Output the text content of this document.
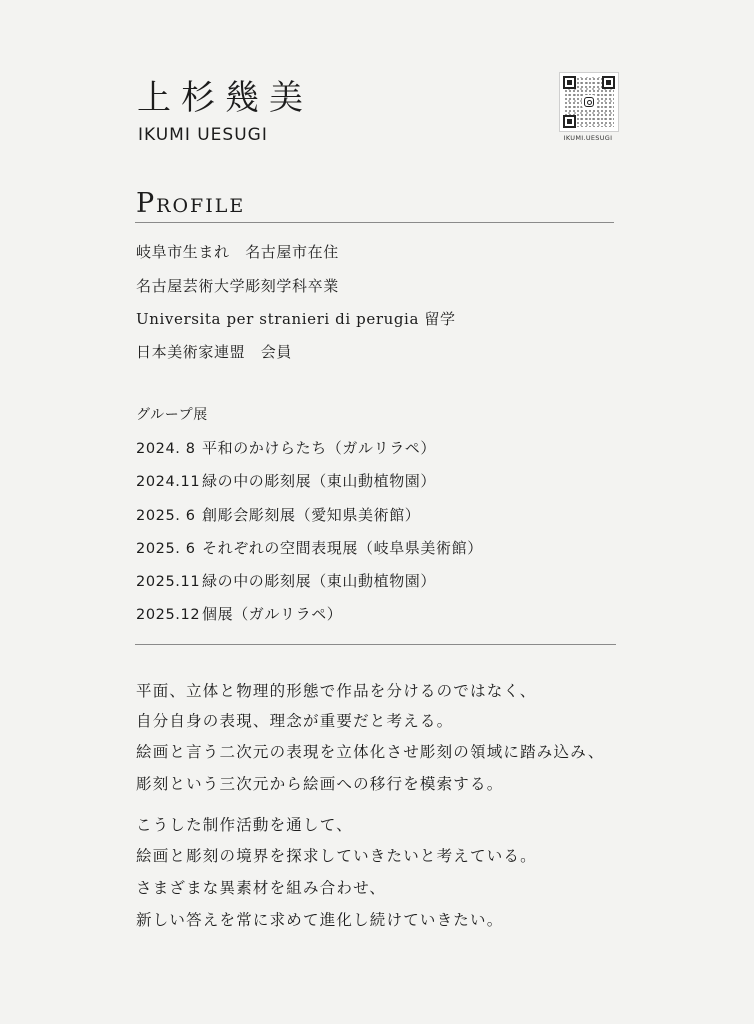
上杉幾美
IKUMI UESUGI	IKUMI.UESUGI
Profile
岐阜市生まれ　名古屋市在住
名古屋芸術大学彫刻学科卒業
Universita per stranieri di perugia 留学
日本美術家連盟　会員
グループ展
2024. 8 平和のかけらたち（ガルリラペ）
2024.11 緑の中の彫刻展（東山動植物園）
2025. 6 創彫会彫刻展（愛知県美術館）
2025. 6 それぞれの空間表現展（岐阜県美術館）
2025.11 緑の中の彫刻展（東山動植物園）
2025.12 個展（ガルリラペ）
平面、立体と物理的形態で作品を分けるのではなく、
自分自身の表現、理念が重要だと考える。
絵画と言う二次元の表現を立体化させ彫刻の領域に踏み込み、
彫刻という三次元から絵画への移行を模索する。
こうした制作活動を通して、
絵画と彫刻の境界を探求していきたいと考えている。
さまざまな異素材を組み合わせ、
新しい答えを常に求めて進化し続けていきたい。
